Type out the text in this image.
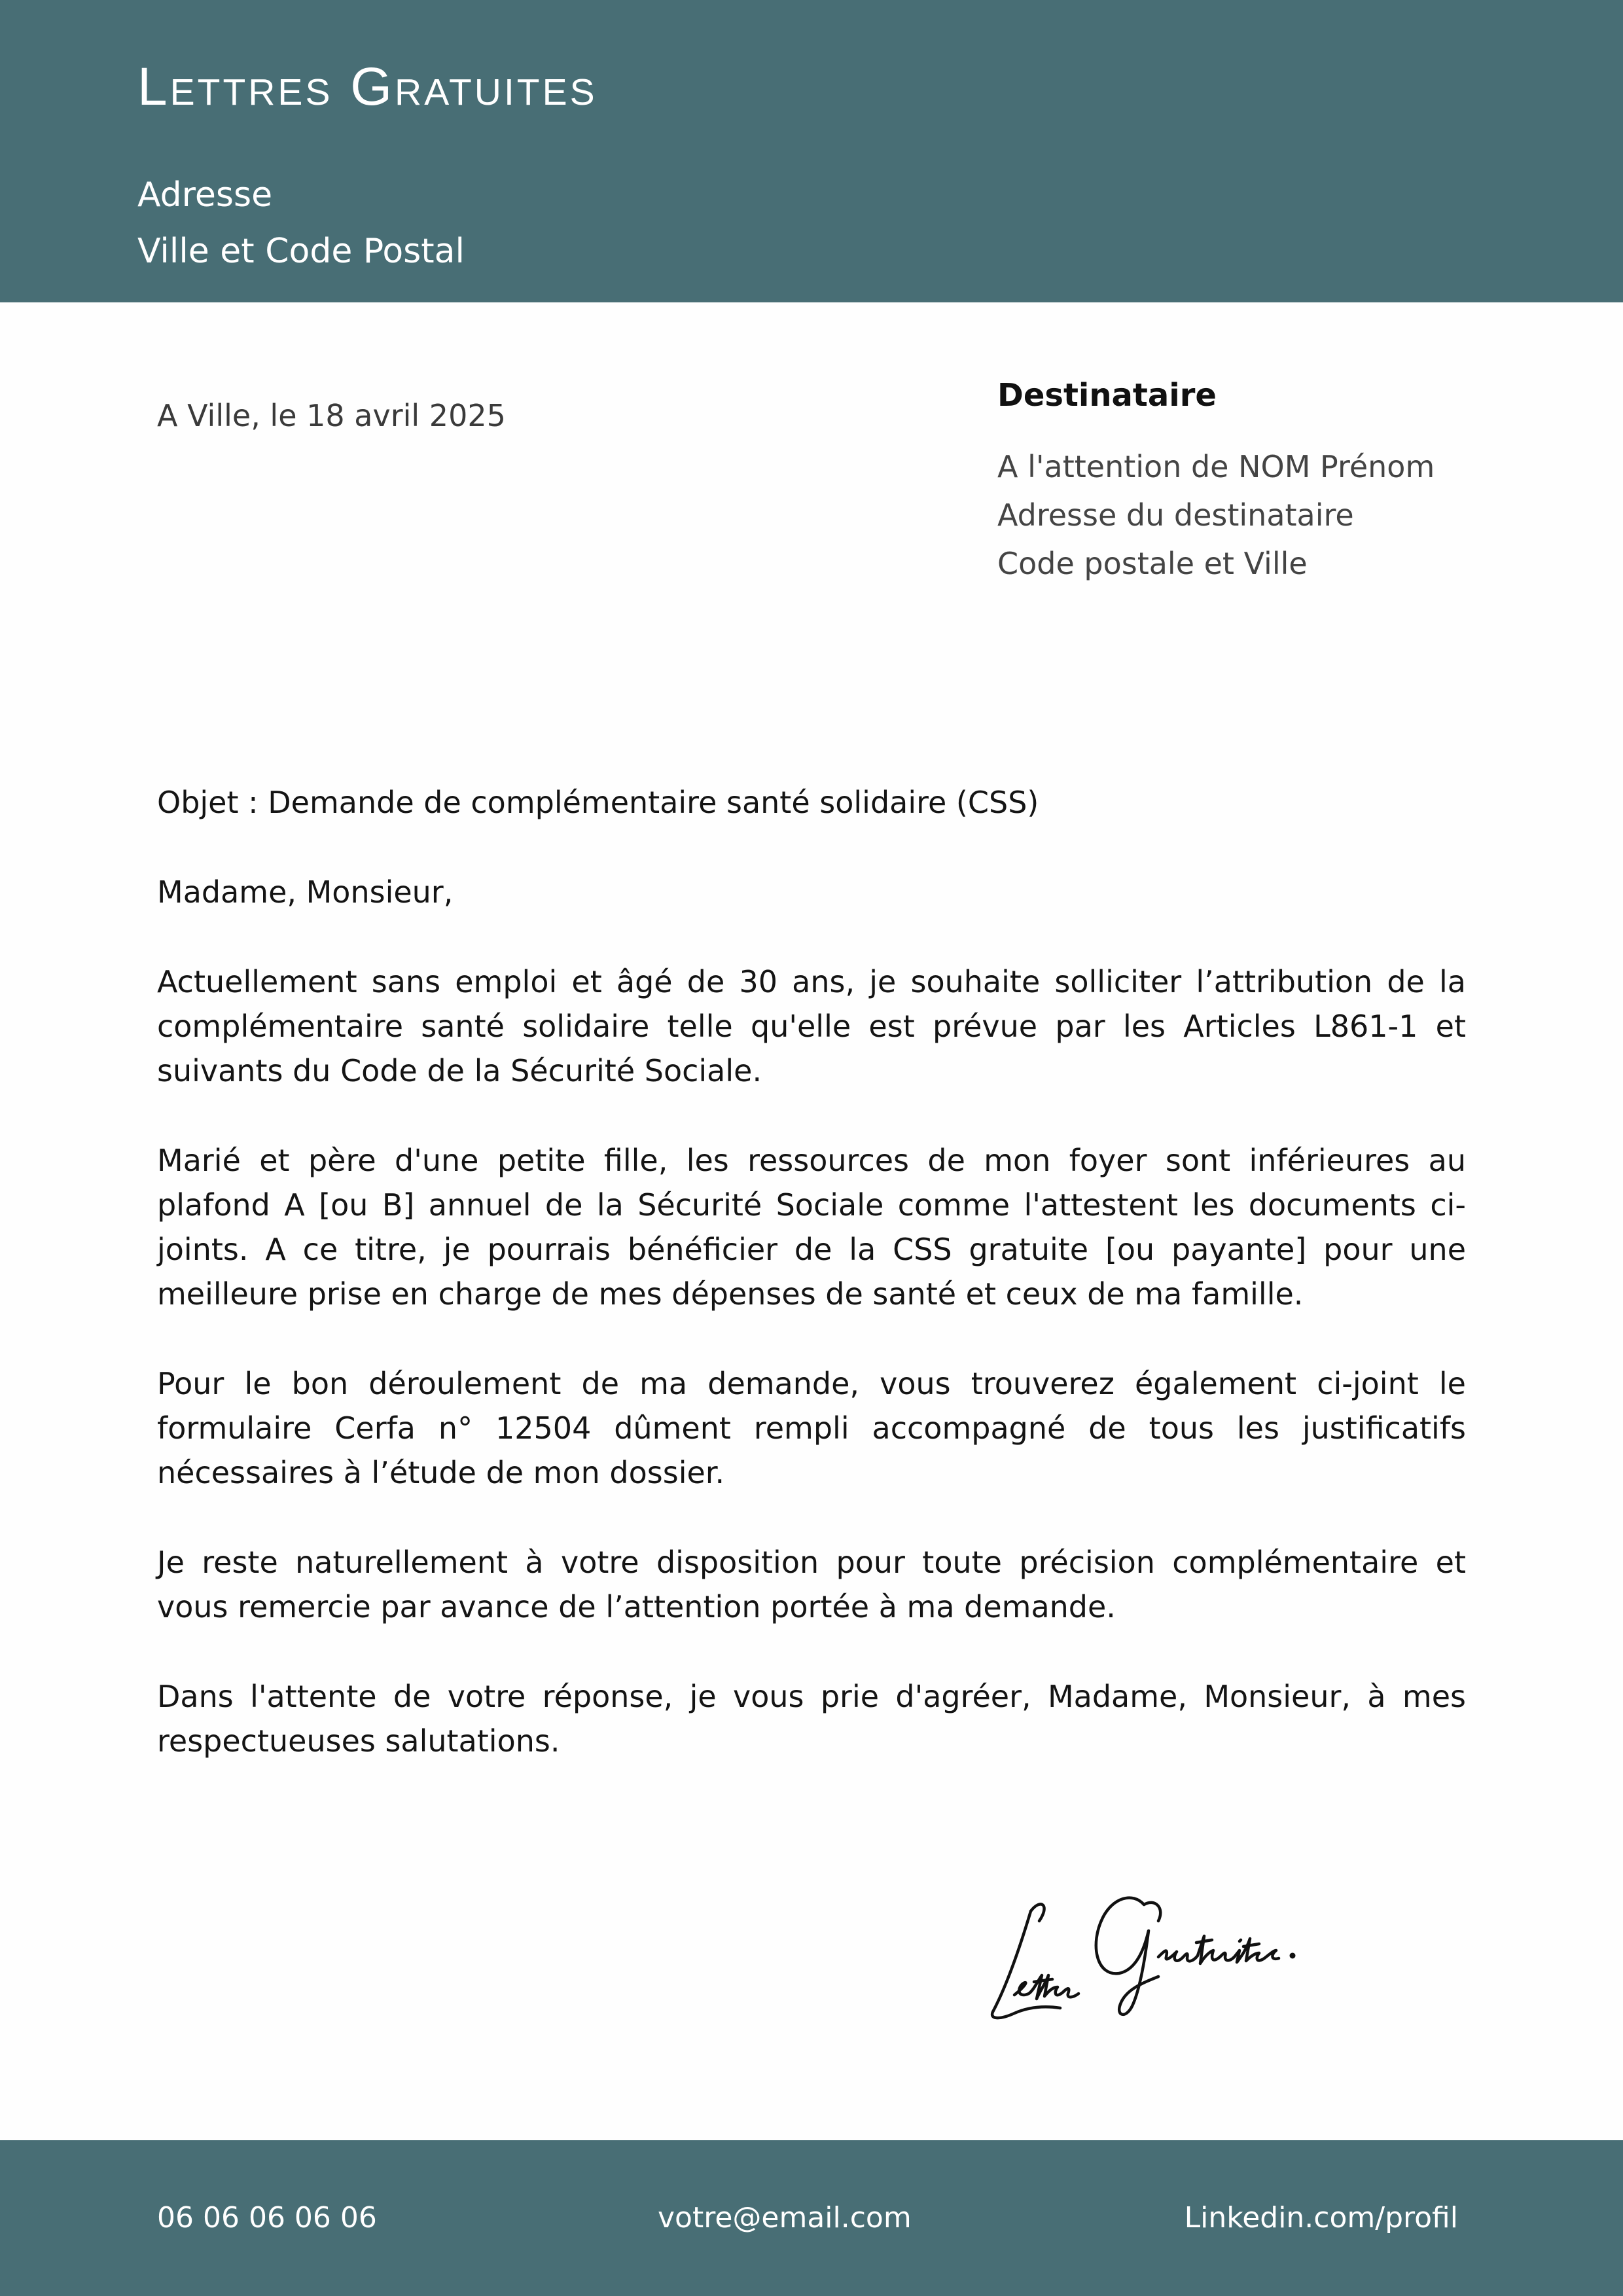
Lettres Gratuites
Adresse
Ville et Code Postal
A Ville, le 18 avril 2025
Destinataire
A l'attention de NOM Prénom
Adresse du destinataire
Code postale et Ville

Objet : Demande de complémentaire santé solidaire (CSS)

Madame, Monsieur,

Actuellement sans emploi et âgé de 30 ans, je souhaite solliciter l’attribution de la complémentaire santé solidaire telle qu'elle est prévue par les Articles L861-1 et suivants du Code de la Sécurité Sociale.

Marié et père d'une petite fille, les ressources de mon foyer sont inférieures au plafond A [ou B] annuel de la Sécurité Sociale comme l'attestent les documents ci-joints. A ce titre, je pourrais bénéficier de la CSS gratuite [ou payante] pour une meilleure prise en charge de mes dépenses de santé et ceux de ma famille.

Pour le bon déroulement de ma demande, vous trouverez également ci-joint le formulaire Cerfa n° 12504 dûment rempli accompagné de tous les justificatifs nécessaires à l’étude de mon dossier.

Je reste naturellement à votre disposition pour toute précision complémentaire et vous remercie par avance de l’attention portée à ma demande.

Dans l'attente de votre réponse, je vous prie d'agréer, Madame, Monsieur, à mes respectueuses salutations.

06 06 06 06 06	votre@email.com	Linkedin.com/profil
